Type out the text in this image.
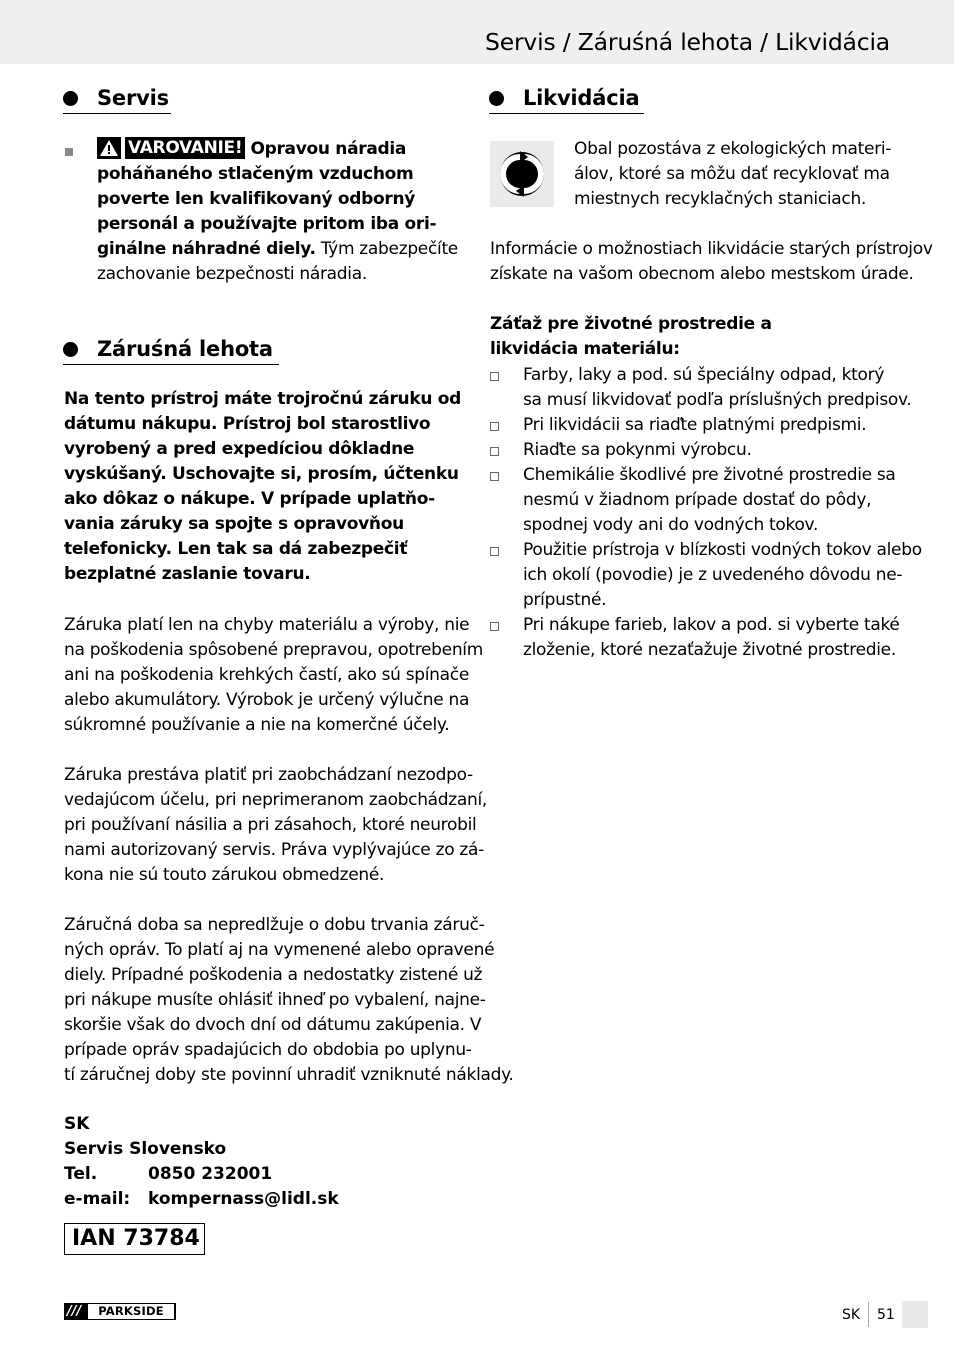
Servis / Záruśná lehota / Likvidácia
Servis
VAROVANIE! Opravou náradia
poháňaného stlačeným vzduchom
poverte len kvalifikovaný odborný
personál a používajte pritom iba ori-
ginálne náhradné diely. Tým zabezpečíte
zachovanie bezpečnosti náradia.
Záruśná lehota
Na tento prístroj máte trojročnú záruku od
dátumu nákupu. Prístroj bol starostlivo
vyrobený a pred expedíciou dôkladne
vyskúšaný. Uschovajte si, prosím, účtenku
ako dôkaz o nákupe. V prípade uplatňo-
vania záruky sa spojte s opravovňou
telefonicky. Len tak sa dá zabezpečiť
bezplatné zaslanie tovaru.
Záruka platí len na chyby materiálu a výroby, nie
na poškodenia spôsobené prepravou, opotrebením
ani na poškodenia krehkých častí, ako sú spínače
alebo akumulátory. Výrobok je určený výlučne na
súkromné používanie a nie na komerčné účely.
Záruka prestáva platiť pri zaobchádzaní nezodpo-
vedajúcom účelu, pri neprimeranom zaobchádzaní,
pri používaní násilia a pri zásahoch, ktoré neurobil
nami autorizovaný servis. Práva vyplývajúce zo zá-
kona nie sú touto zárukou obmedzené.
Záručná doba sa nepredlžuje o dobu trvania záruč-
ných opráv. To platí aj na vymenené alebo opravené
diely. Prípadné poškodenia a nedostatky zistené už
pri nákupe musíte ohlásiť ihneď po vybalení, najne-
skoršie však do dvoch dní od dátumu zakúpenia. V
prípade opráv spadajúcich do obdobia po uplynu-
tí záručnej doby ste povinní uhradiť vzniknuté náklady.
SK
Servis Slovensko
Tel.	0850 232001
e-mail: kompernass@lidl.sk
IAN 73784
Likvidácia
Obal pozostáva z ekologických materi-
álov, ktoré sa môžu dať recyklovať ma
miestnych recyklačných staniciach.
Informácie o možnostiach likvidácie starých prístrojov
získate na vašom obecnom alebo mestskom úrade.
Záťaž pre životné prostredie a
likvidácia materiálu:
Farby, laky a pod. sú špeciálny odpad, ktorý
sa musí likvidovať podľa príslušných predpisov.
Pri likvidácii sa riaďte platnými predpismi.
Riaďte sa pokynmi výrobcu.
Chemikálie škodlivé pre životné prostredie sa
nesmú v žiadnom prípade dostať do pôdy,
spodnej vody ani do vodných tokov.
Použitie prístroja v blízkosti vodných tokov alebo
ich okolí (povodie) je z uvedeného dôvodu ne-
prípustné.
Pri nákupe farieb, lakov a pod. si vyberte také
zloženie, ktoré nezaťažuje životné prostredie.
///	PARKSIDE	SK 51
